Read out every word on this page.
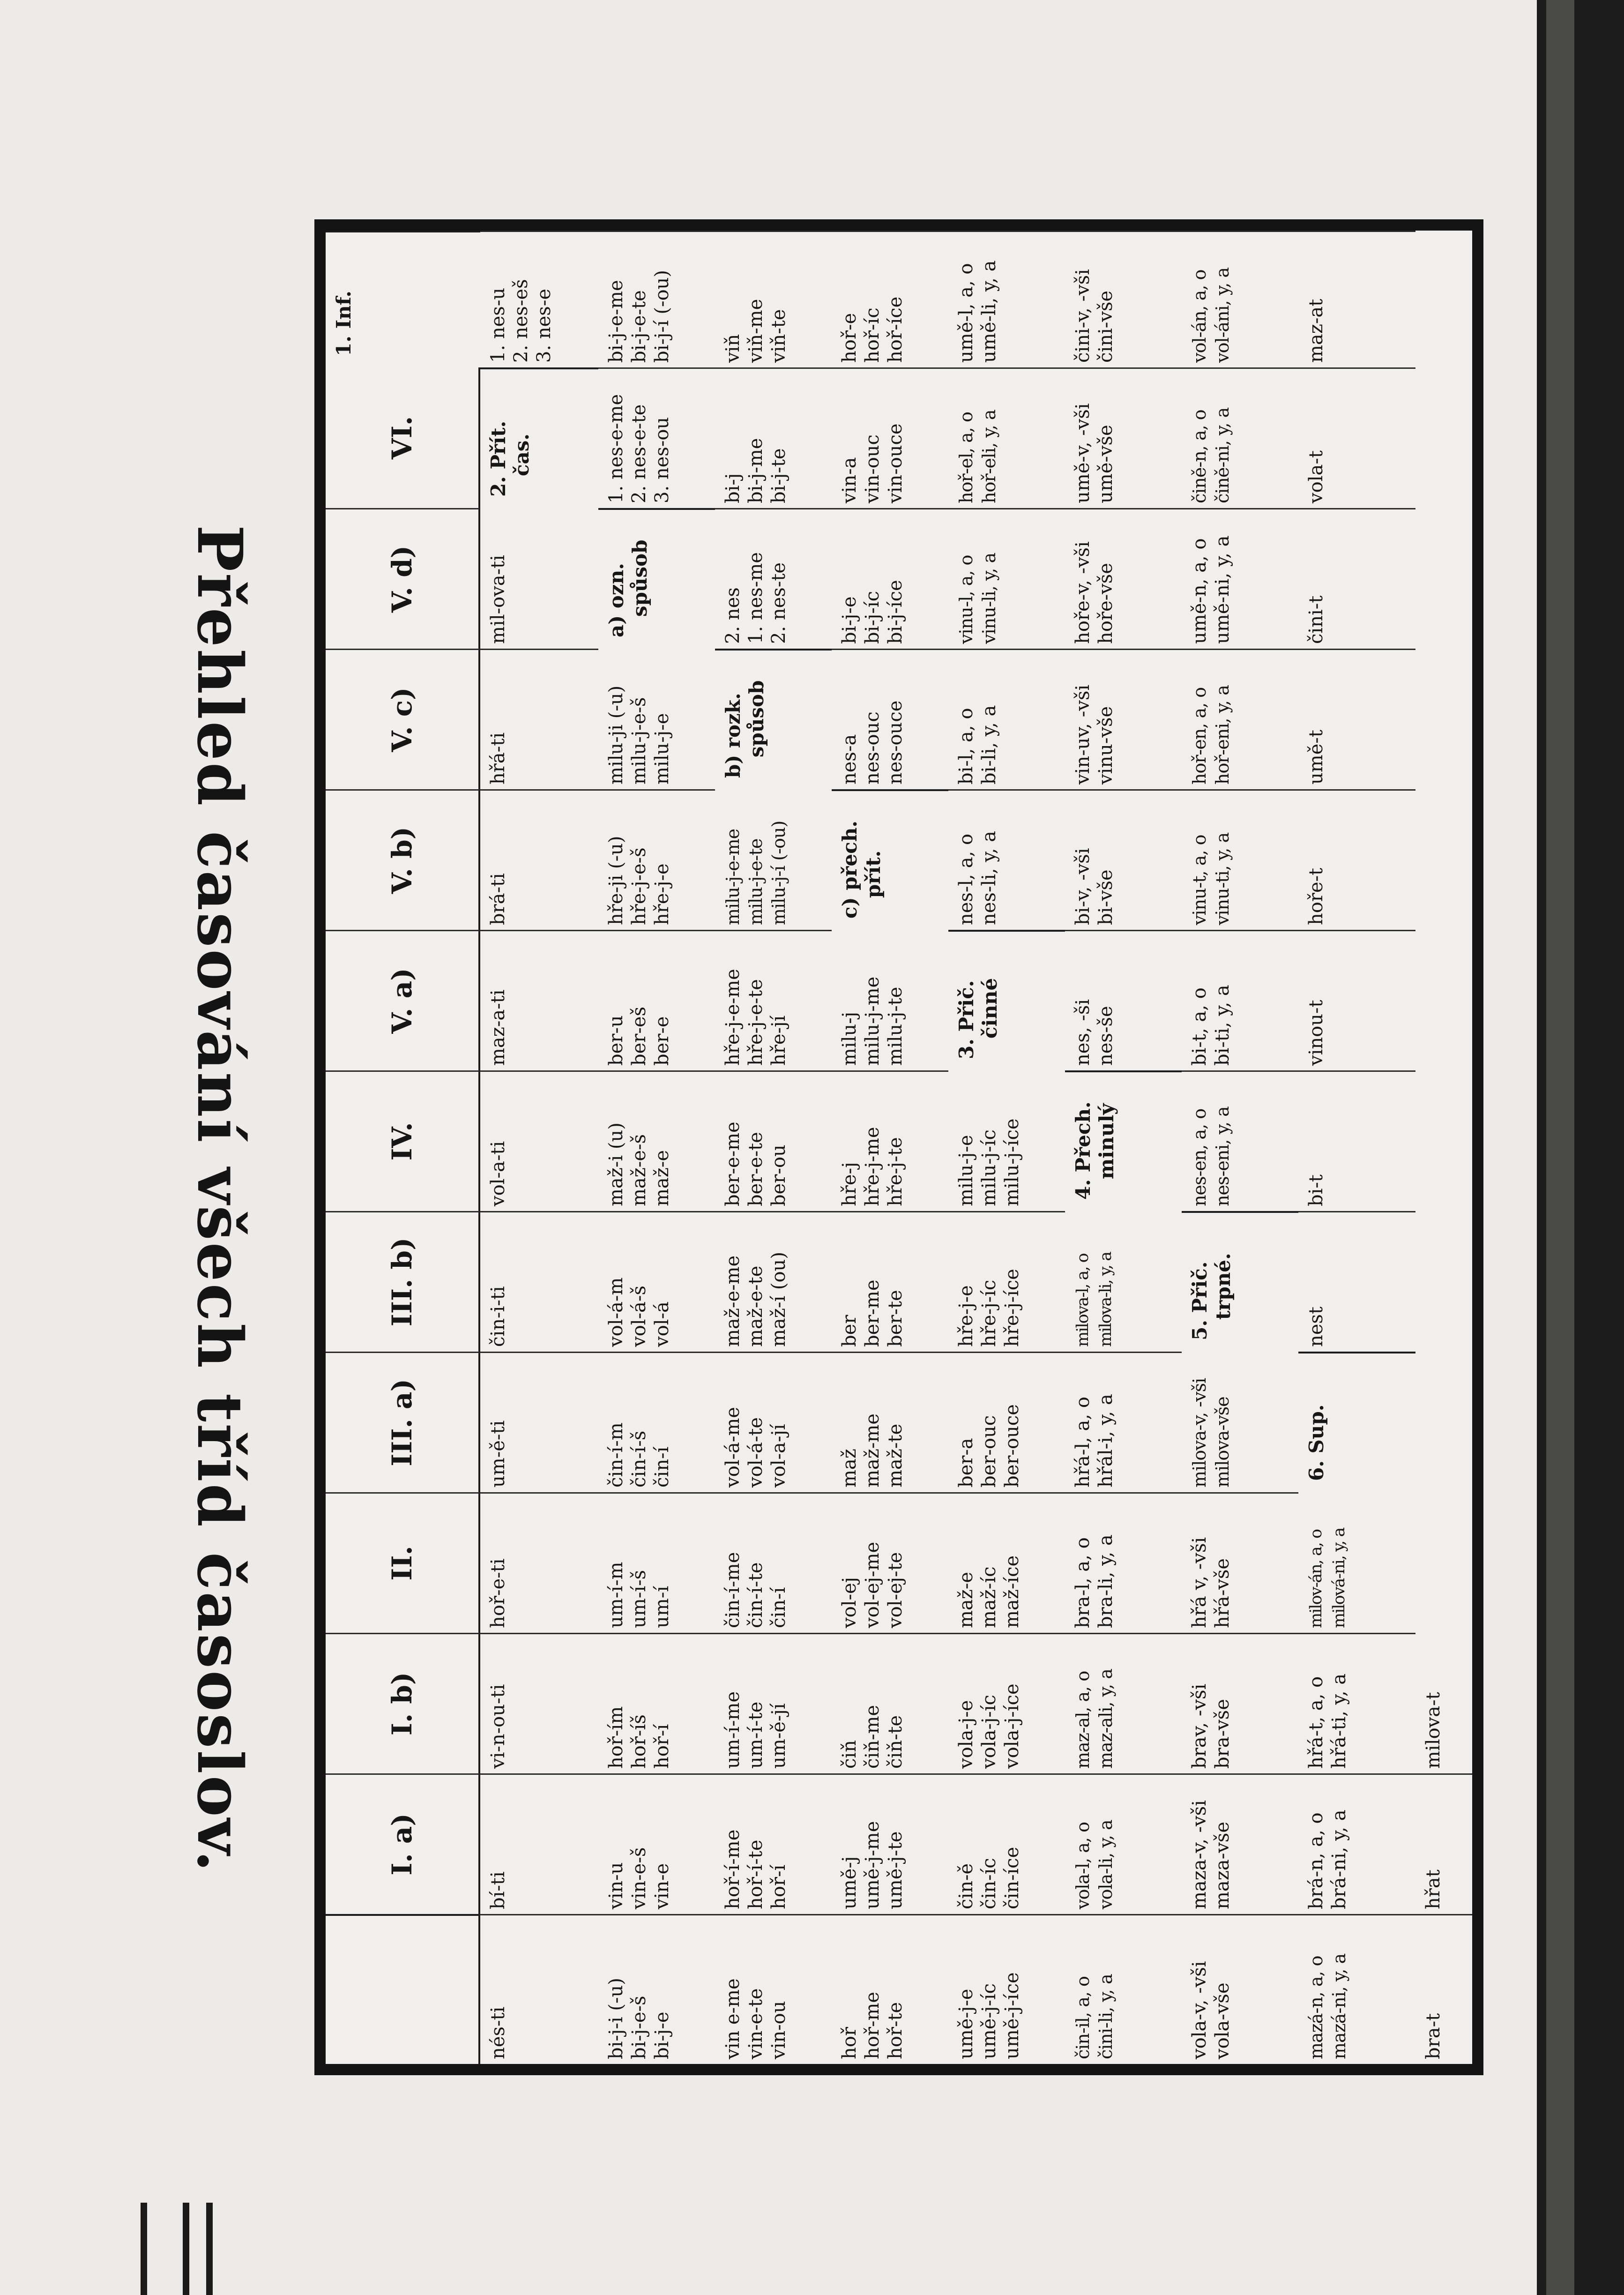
Přehled časování všech tříd časoslov.	I. a)
I. b)
II.
III. a)
III. b)
IV.
V. a)
V. b)
V. c)
V. d)
VI.
1. Inf.
nés-ti
bí-ti
vi-n-ou-ti
hoř-e-ti
um-ě-ti
čin-i-ti
vol-a-ti
maz-a-ti
brá-ti
hřá-ti
mil-ova-ti
2. Přít.
čas.
1. nes-u
2. nes-eš
3. nes-e
bi-j-i (-u)
bi-j-e-š
bi-j-e
vin-u
vin-e-š
vin-e
hoř-ím
hoř-íš
hoř-í
um-í-m
um-í-š
um-í
čin-í-m
čin-í-š
čin-í
vol-á-m
vol-á-š
vol-á
maž-i (u)
maž-e-š
maž-e
ber-u
ber-eš
ber-e
hře-ji (-u)
hře-j-e-š
hře-j-e
milu-ji (-u)
milu-j-e-š
milu-j-e
a) ozn.
spůsob
1. nes-e-me
2. nes-e-te
3. nes-ou
bi-j-e-me
bi-j-e-te
bi-j-í (-ou)
vin e-me
vin-e-te
vin-ou
hoř-í-me
hoř-í-te
hoř-í
um-í-me
um-í-te
um-ě-jí
čin-í-me
čin-í-te
čin-í
vol-á-me
vol-á-te
vol-a-jí
maž-e-me
maž-e-te
maž-í (ou)
ber-e-me
ber-e-te
ber-ou
hře-j-e-me
hře-j-e-te
hře-jí
milu-j-e-me
milu-j-e-te
milu-j-í (-ou)
b) rozk.
spůsob
2. nes
1. nes-me
2. nes-te
bi-j
bi-j-me
bi-j-te
viň
viň-me
viň-te
hoř
hoř-me
hoř-te
umě-j
umě-j-me
umě-j-te
čiň
čiň-me
čiň-te
vol-ej
vol-ej-me
vol-ej-te
maž
maž-me
maž-te
ber
ber-me
ber-te
hře-j
hře-j-me
hře-j-te
milu-j
milu-j-me
milu-j-te
c) přech.
přít.
nes-a
nes-ouc
nes-ouce
bi-j-e
bi-j-íc
bi-j-íce
vin-a
vin-ouc
vin-ouce
hoř-e
hoř-íc
hoř-íce
umě-j-e
umě-j-íc
umě-j-íce
čin-ě
čin-íc
čin-íce
vola-j-e
vola-j-íc
vola-j-íce
maž-e
maž-íc
maž-íce
ber-a
ber-ouc
ber-ouce
hře-j-e
hře-j-íc
hře-j-íce
milu-j-e
milu-j-íc
milu-j-íce
3. Přič.
činné
nes-l, a, o
nes-li, y, a
bi-l, a, o
bi-li, y, a
vinu-l, a, o
vinu-li, y, a
hoř-el, a, o
hoř-eli, y, a
umě-l, a, o
umě-li, y, a
čin-il, a, o
čini-li, y, a
vola-l, a, o
vola-li, y, a
maz-al, a, o
maz-ali, y, a
bra-l, a, o
bra-li, y, a
hřá-l, a, o
hřál-i, y, a
milova-l, a, o
milova-li, y, a
4. Přech.
minulý
nes, -ši
nes-še
bi-v, -vši
bi-vše
vin-uv, -vši
vinu-vše
hoře-v, -vši
hoře-vše
umě-v, -vši
umě-vše
čini-v, -vši
čini-vše
vola-v, -vši
vola-vše
maza-v, -vši
maza-vše
brav, -vši
bra-vše
hřá v, -vši
hřá-vše
milova-v, -vši
milova-vše
5. Přič.
trpné.
nes-en, a, o
nes-eni, y, a
bi-t, a, o
bi-ti, y, a
vinu-t, a, o
vinu-ti, y, a
hoř-en, a, o
hoř-eni, y, a
umě-n, a, o
umě-ni, y, a
čině-n, a, o
čině-ni, y, a
vol-án, a, o
vol-áni, y, a
mazá-n, a, o
mazá-ni, y, a
brá-n, a, o
brá-ni, y, a
hřá-t, a, o
hřá-ti, y, a
milov-án, a, o
milová-ni, y, a
6. Sup.
nest
bi-t
vinou-t
hoře-t
umě-t
čini-t
vola-t
maz-at
bra-t
hřat
milova-t
